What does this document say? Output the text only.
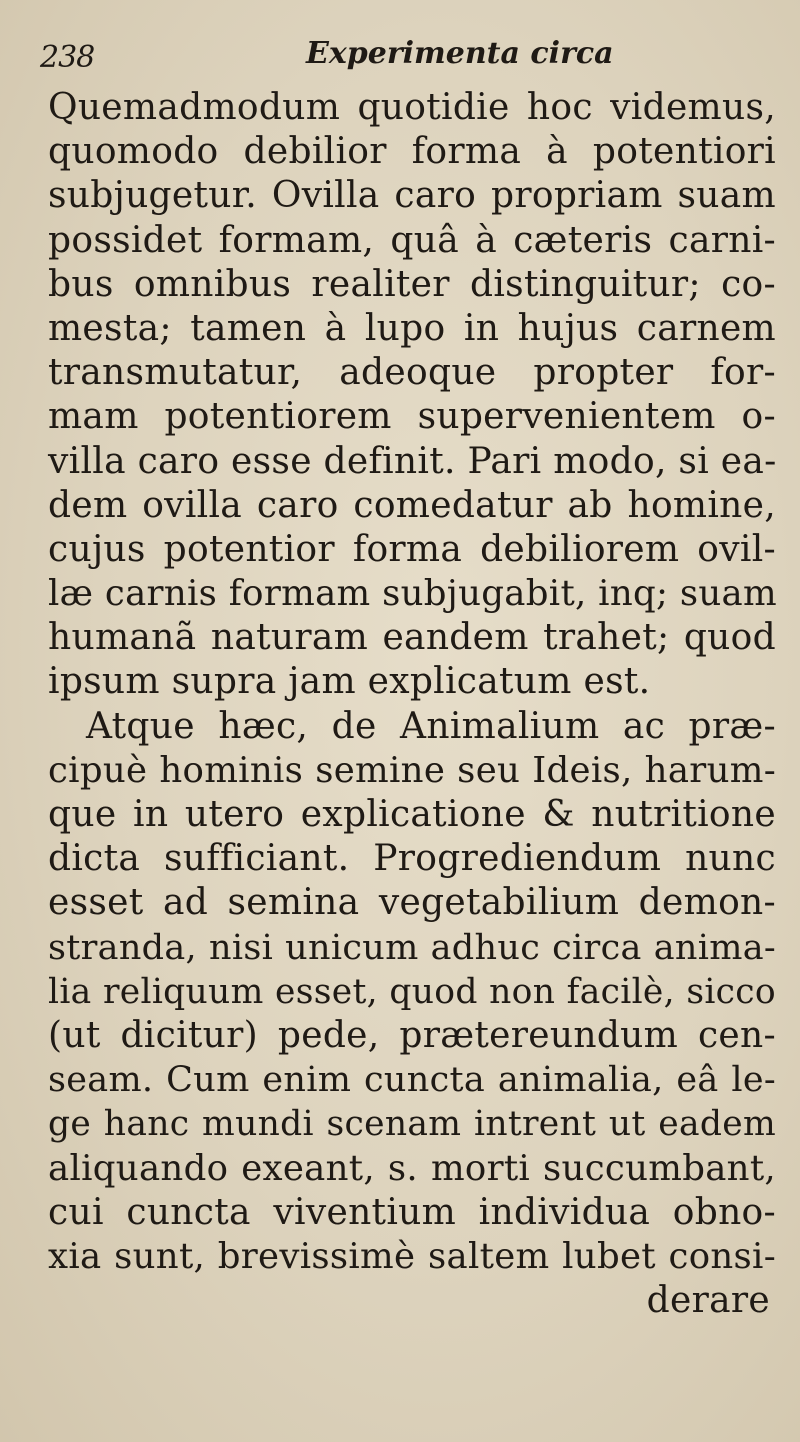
238	Experimenta circa
Quemadmodum quotidie hoc videmus,
quomodo debilior forma à potentiori
subjugetur. Ovilla caro propriam suam
possidet formam, quâ à cæteris carni-
bus omnibus realiter distinguitur; co-
mesta; tamen à lupo in hujus carnem
transmutatur, adeoque propter for-
mam potentiorem supervenientem o-
villa caro esse definit. Pari modo, si ea-
dem ovilla caro comedatur ab homine,
cujus potentior forma debiliorem ovil-
læ carnis formam subjugabit, inq; suam
humanã naturam eandem trahet; quod
ipsum supra jam explicatum est.
Atque hæc, de Animalium ac præ-
cipuè hominis semine seu Ideis, harum-
que in utero explicatione & nutritione
dicta sufficiant. Progrediendum nunc
esset ad semina vegetabilium demon-
stranda, nisi unicum adhuc circa anima-
lia reliquum esset, quod non facilè, sicco
(ut dicitur) pede, prætereundum cen-
seam. Cum enim cuncta animalia, eâ le-
ge hanc mundi scenam intrent ut eadem
aliquando exeant, s. morti succumbant,
cui cuncta viventium individua obno-
xia sunt, brevissimè saltem lubet consi-
derare
